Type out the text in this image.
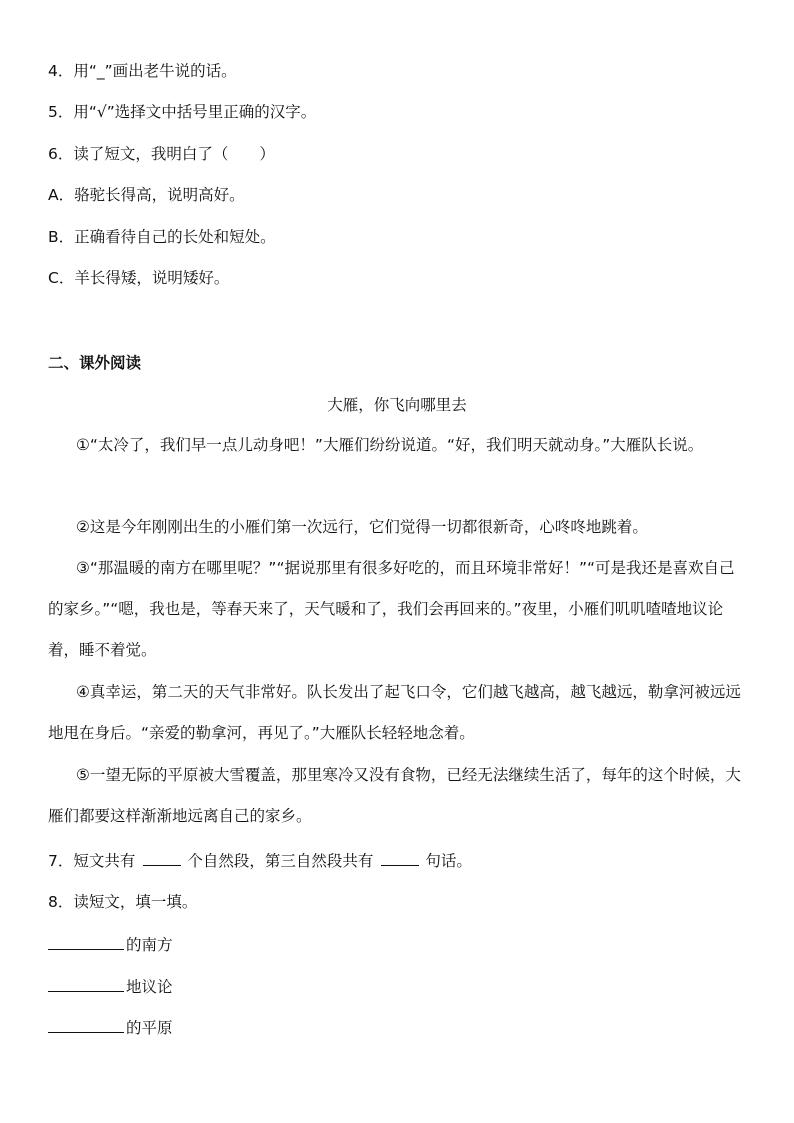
4．用“_”画出老牛说的话。
5．用“√”选择文中括号里正确的汉字。
6．读了短文，我明白了（　　）
A．骆驼长得高，说明高好。
B．正确看待自己的长处和短处。
C．羊长得矮，说明矮好。
二、课外阅读
大雁，你飞向哪里去
①“太冷了，我们早一点儿动身吧！”大雁们纷纷说道。“好，我们明天就动身。”大雁队长说。
②这是今年刚刚出生的小雁们第一次远行，它们觉得一切都很新奇，心咚咚地跳着。
③“那温暖的南方在哪里呢？”“据说那里有很多好吃的，而且环境非常好！”“可是我还是喜欢自己的家乡。”“嗯，我也是，等春天来了，天气暖和了，我们会再回来的。”夜里，小雁们叽叽喳喳地议论着，睡不着觉。
④真幸运，第二天的天气非常好。队长发出了起飞口令，它们越飞越高，越飞越远，勒拿河被远远地甩在身后。“亲爱的勒拿河，再见了。”大雁队长轻轻地念着。
⑤一望无际的平原被大雪覆盖，那里寒冷又没有食物，已经无法继续生活了，每年的这个时候，大雁们都要这样渐渐地远离自己的家乡。
7．短文共有	个自然段，第三自然段共有	句话。
8．读短文，填一填。
的南方
地议论
的平原
